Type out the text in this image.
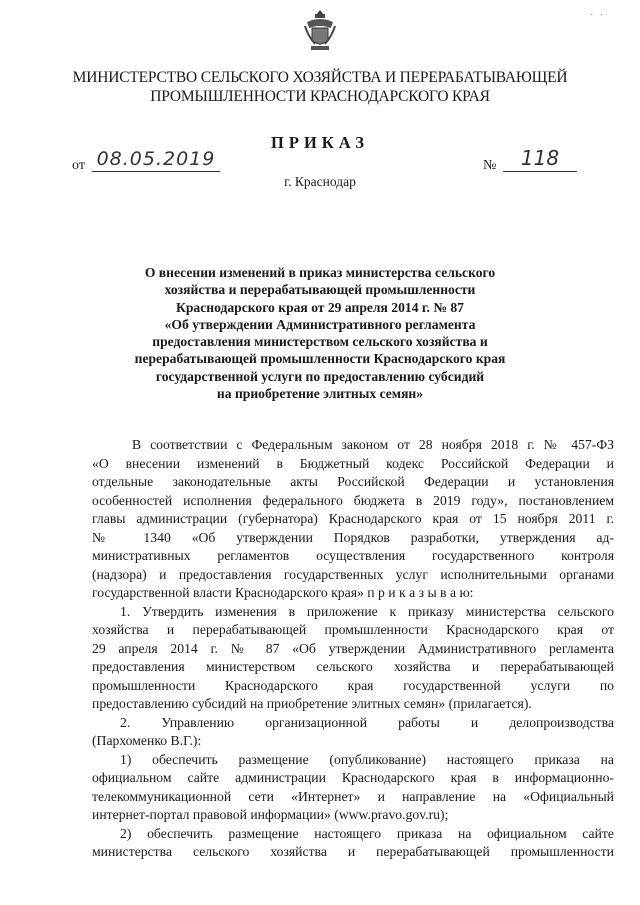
· ·
МИНИСТЕРСТВО СЕЛЬСКОГО ХОЗЯЙСТВА И ПЕРЕРАБАТЫВАЮЩЕЙ
ПРОМЫШЛЕННОСТИ КРАСНОДАРСКОГО КРАЯ
ПРИКАЗ
от 08.05.2019	№	118
г. Краснодар
О внесении изменений в приказ министерства сельского
хозяйства и перерабатывающей промышленности
Краснодарского края от 29 апреля 2014 г. № 87
«Об утверждении Административного регламента
предоставления министерством сельского хозяйства и
перерабатывающей промышленности Краснодарского края
государственной услуги по предоставлению субсидий
на приобретение элитных семян»
В соответствии с Федеральным законом от 28 ноября 2018 г. № 457-ФЗ
«О внесении изменений в Бюджетный кодекс Российской Федерации и
отдельные законодательные акты Российской Федерации и установления
особенностей исполнения федерального бюджета в 2019 году», постановлением
главы администрации (губернатора) Краснодарского края от 15 ноября 2011 г.
№ 1340 «Об утверждении Порядков разработки, утверждения ад-
министративных регламентов осуществления государственного контроля
(надзора) и предоставления государственных услуг исполнительными органами
государственной власти Краснодарского края» п р и к а з ы в а ю:
1. Утвердить изменения в приложение к приказу министерства сельского
хозяйства и перерабатывающей промышленности Краснодарского края от
29 апреля 2014 г. № 87 «Об утверждении Административного регламента
предоставления министерством сельского хозяйства и перерабатывающей
промышленности Краснодарского края государственной услуги по
предоставлению субсидий на приобретение элитных семян» (прилагается).
2. Управлению организационной работы и делопроизводства
(Пархоменко В.Г.):
1) обеспечить размещение (опубликование) настоящего приказа на
официальном сайте администрации Краснодарского края в информационно-
телекоммуникационной сети «Интернет» и направление на «Официальный
интернет-портал правовой информации» (www.pravo.gov.ru);
2) обеспечить размещение настоящего приказа на официальном сайте
министерства сельского хозяйства и перерабатывающей промышленности
